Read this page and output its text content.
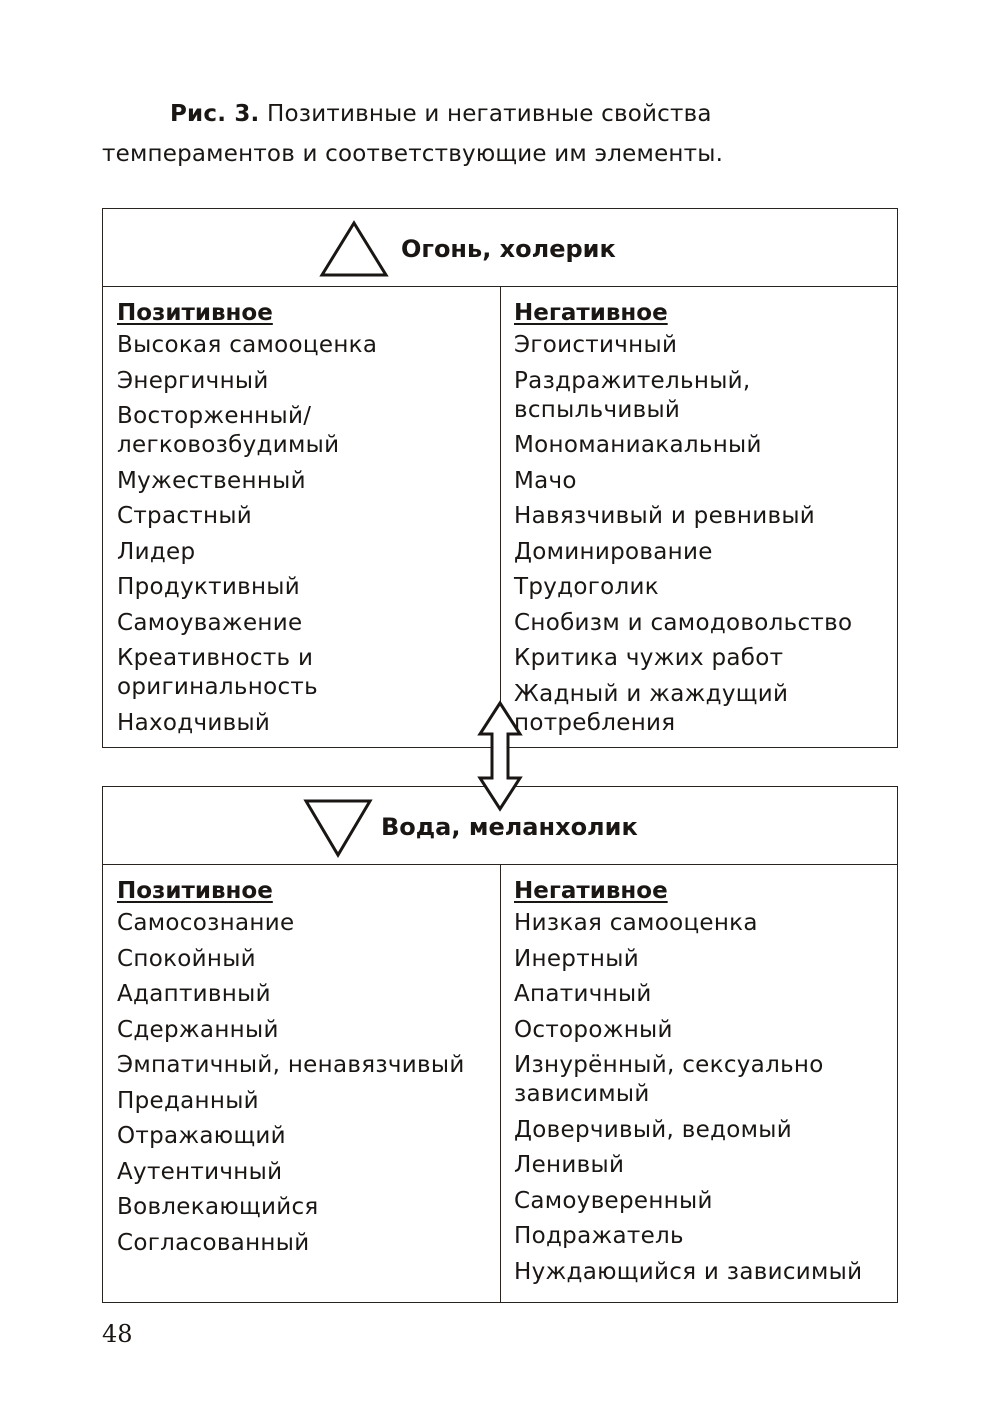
Рис. 3. Позитивные и негативные свойства темпераментов и соответствующие им элементы.

Огонь, холерик
Позитивное
Высокая самооценка
Энергичный
Восторженный/ легковозбудимый
Мужественный
Страстный
Лидер
Продуктивный
Самоуважение
Креативность и оригинальность
Находчивый
Негативное
Эгоистичный
Раздражительный, вспыльчивый
Мономаниакальный
Мачо
Навязчивый и ревнивый
Доминирование
Трудоголик
Снобизм и самодовольство
Критика чужих работ
Жадный и жаждущий потребления
Вода, меланхолик
Позитивное
Самосознание
Спокойный
Адаптивный
Сдержанный
Эмпатичный, ненавязчивый
Преданный
Отражающий
Аутентичный
Вовлекающийся
Согласованный
Негативное
Низкая самооценка
Инертный
Апатичный
Осторожный
Изнурённый, сексуально зависимый
Доверчивый, ведомый
Ленивый
Самоуверенный
Подражатель
Нуждающийся и зависимый
48
